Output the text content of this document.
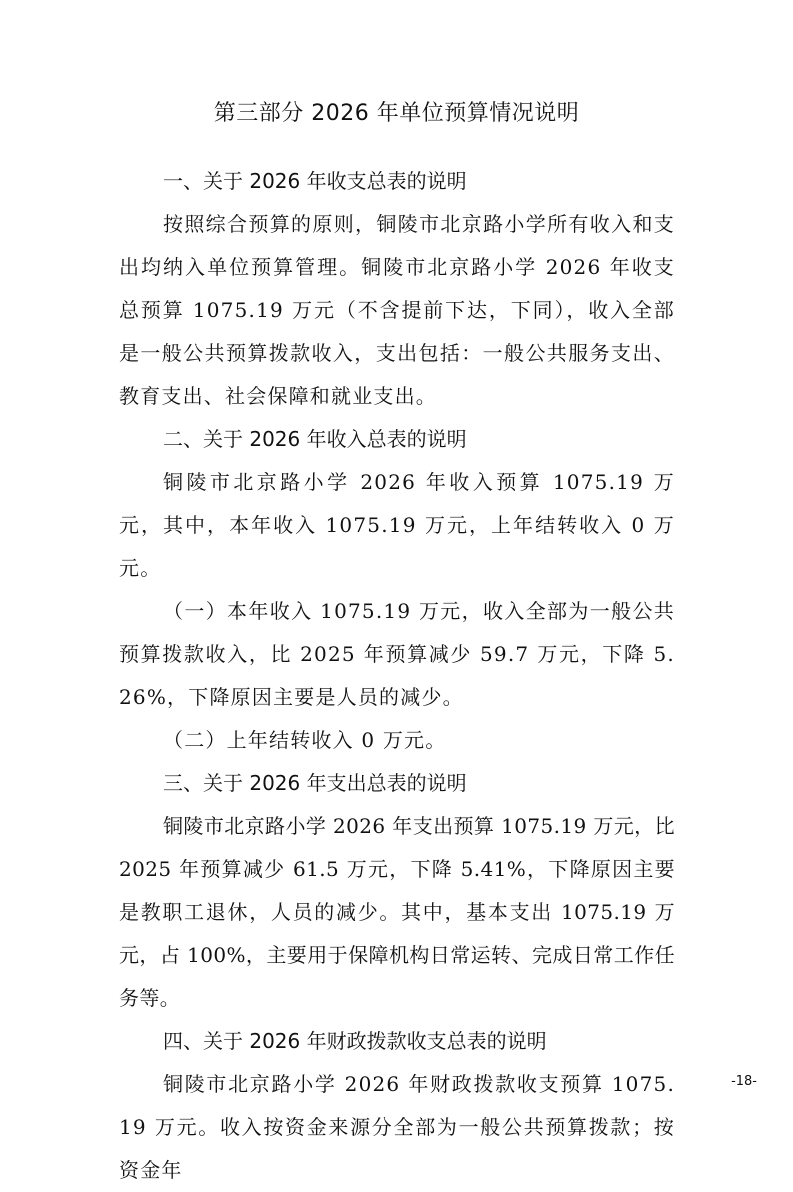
第三部分 2026 年单位预算情况说明

一、关于 2026 年收支总表的说明

按照综合预算的原则，铜陵市北京路小学所有收入和支出均纳入单位预算管理。铜陵市北京路小学 2026 年收支总预算 1075.19 万元（不含提前下达，下同），收入全部是一般公共预算拨款收入，支出包括：一般公共服务支出、教育支出、社会保障和就业支出。

二、关于 2026 年收入总表的说明

铜陵市北京路小学 2026 年收入预算 1075.19 万元，其中，本年收入 1075.19 万元，上年结转收入 0 万元。

（一）本年收入 1075.19 万元，收入全部为一般公共预算拨款收入，比 2025 年预算减少 59.7 万元，下降 5.26%，下降原因主要是人员的减少。

（二）上年结转收入 0 万元。

三、关于 2026 年支出总表的说明

铜陵市北京路小学 2026 年支出预算 1075.19 万元，比 2025 年预算减少 61.5 万元，下降 5.41%，下降原因主要是教职工退休，人员的减少。其中，基本支出 1075.19 万元，占 100%，主要用于保障机构日常运转、完成日常工作任务等。

四、关于 2026 年财政拨款收支总表的说明

铜陵市北京路小学 2026 年财政拨款收支预算 1075.19 万元。收入按资金来源分全部为一般公共预算拨款；按资金年

-18-
